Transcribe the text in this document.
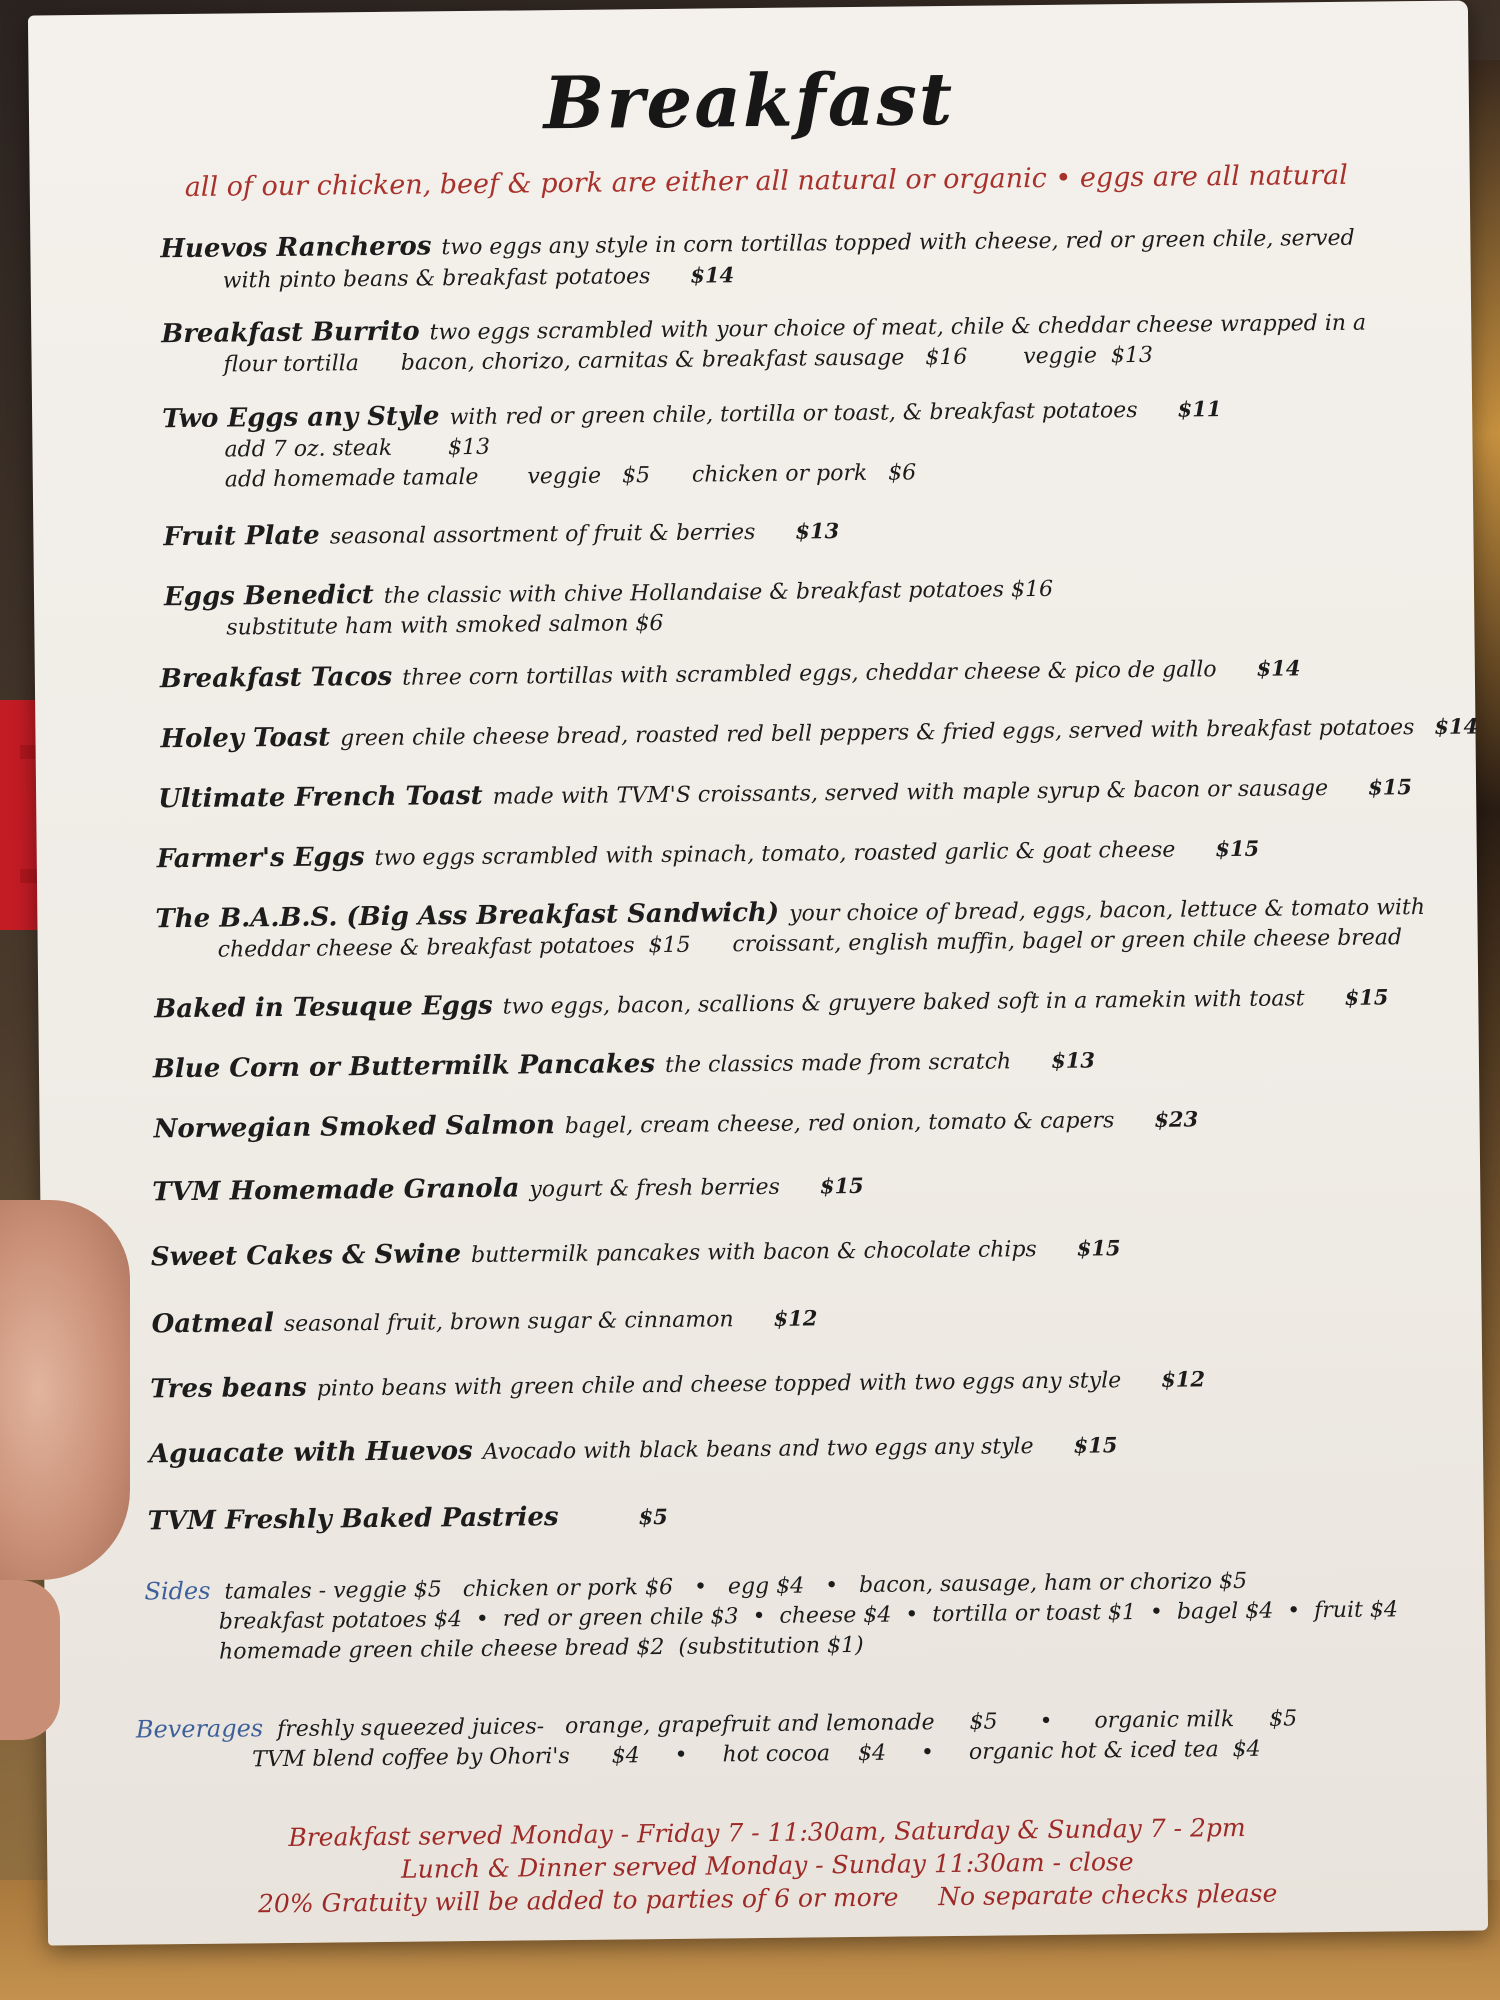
Breakfast
all of our chicken, beef & pork are either all natural or organic • eggs are all natural
Huevos Rancheros two eggs any style in corn tortillas topped with cheese, red or green chile, served
with pinto beans & breakfast potatoes $14
Breakfast Burrito two eggs scrambled with your choice of meat, chile & cheddar cheese wrapped in a
flour tortilla      bacon, chorizo, carnitas & breakfast sausage   $16        veggie  $13
Two Eggs any Style with red or green chile, tortilla or toast, & breakfast potatoes $11
add 7 oz. steak        $13
add homemade tamale       veggie   $5      chicken or pork   $6
Fruit Plate seasonal assortment of fruit & berries $13
Eggs Benedict the classic with chive Hollandaise & breakfast potatoes $16
substitute ham with smoked salmon $6
Breakfast Tacos three corn tortillas with scrambled eggs, cheddar cheese & pico de gallo $14
Holey Toast green chile cheese bread, roasted red bell peppers & fried eggs, served with breakfast potatoes $14
Ultimate French Toast made with TVM'S croissants, served with maple syrup & bacon or sausage $15
Farmer's Eggs two eggs scrambled with spinach, tomato, roasted garlic & goat cheese $15
The B.A.B.S. (Big Ass Breakfast Sandwich) your choice of bread, eggs, bacon, lettuce & tomato with
cheddar cheese & breakfast potatoes  $15      croissant, english muffin, bagel or green chile cheese bread
Baked in Tesuque Eggs two eggs, bacon, scallions & gruyere baked soft in a ramekin with toast $15
Blue Corn or Buttermilk Pancakes the classics made from scratch $13
Norwegian Smoked Salmon bagel, cream cheese, red onion, tomato & capers $23
TVM Homemade Granola yogurt & fresh berries $15
Sweet Cakes & Swine buttermilk pancakes with bacon & chocolate chips $15
Oatmeal seasonal fruit, brown sugar & cinnamon $12
Tres beans pinto beans with green chile and cheese topped with two eggs any style $12
Aguacate with Huevos Avocado with black beans and two eggs any style $15
TVM Freshly Baked Pastries	$5
Sides tamales - veggie $5   chicken or pork $6   •   egg $4   •   bacon, sausage, ham or chorizo $5
breakfast potatoes $4  •  red or green chile $3  •  cheese $4  •  tortilla or toast $1  •  bagel $4  •  fruit $4
homemade green chile cheese bread $2  (substitution $1)
Beverages freshly squeezed juices-   orange, grapefruit and lemonade     $5      •      organic milk     $5
TVM blend coffee by Ohori's      $4     •     hot cocoa    $4     •     organic hot & iced tea  $4
Breakfast served Monday - Friday 7 - 11:30am, Saturday & Sunday 7 - 2pm
Lunch & Dinner served Monday - Sunday 11:30am - close
20% Gratuity will be added to parties of 6 or more     No separate checks please
